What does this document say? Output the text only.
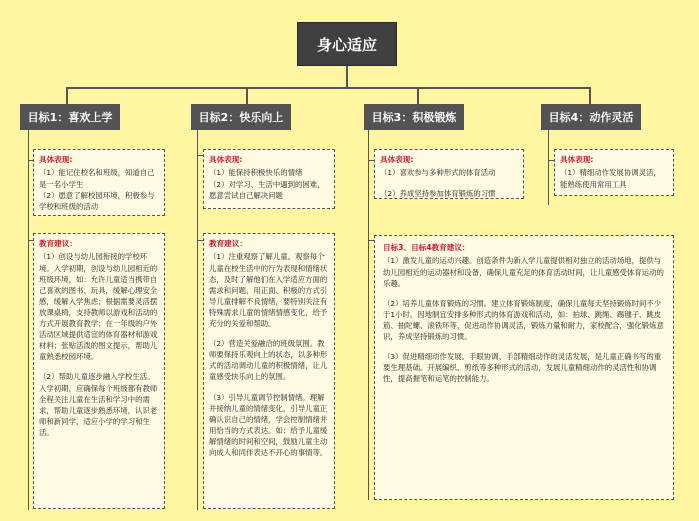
身心适应
目标1：喜欢上学	目标2：快乐向上	目标3：积极锻炼	目标4：动作灵活
具体表现:

（1）能记住校名和班级，知道自己是一名小学生

（2）愿意了解校园环境，积极参与学校和班级的活动

教育建议：

（1）创设与幼儿园衔接的学校环境。入学初期，创设与幼儿园相近的班级环境，如：允许儿童适当携带自己喜欢的图书、玩具，缓解心理安全感，缓解入学焦虑；根据需要灵活摆放课桌椅，支持教师以游戏和活动的方式开展教育教学；在一年级的户外活动区域提供适宜的体育器材和游戏材料；张贴活泼的图文提示，帮助儿童熟悉校园环境。

（2）帮助儿童逐步融入学校生活。入学初期，应确保每个班级都有教师全程关注儿童在生活和学习中的需求，帮助儿童逐步熟悉环境，认识老师和新同学，适应小学的学习和生活。

具体表现:

（1）能保持积极快乐的情绪

（2）对学习、生活中遇到的困难，愿意尝试自己解决问题

教育建议：

（1）注重观察了解儿童。观察每个儿童在校生活中的行为表现和情绪状态，及时了解他们在入学适应方面的需求和问题，用正面、积极的方式引导儿童排解不良情绪，要特别关注有特殊需求儿童的情绪情感变化，给予充分的关爱和帮助。

（2）营造关爱融洽的班级氛围。教师要保持乐观向上的状态，以多种形式的活动调动儿童的积极情绪，让儿童感受快乐向上的氛围。

（3）引导儿童调节控制情绪。理解并接纳儿童的情绪变化，引导儿童正确认识自己的情绪，学会控制情绪并用恰当的方式表达。如：给予儿童缓解情绪的时间和空间，鼓励儿童主动向成人和同伴表达不开心的事情等。

具体表现:

（1）喜欢参与多种形式的体育活动

（2）养成坚持参加体育锻炼的习惯

具体表现:

（1）精细动作发展协调灵活，能熟练使用常用工具

目标3、目标4教育建议：

（1）激发儿童的运动兴趣。创造条件为新入学儿童提供相对独立的活动场地，提供与幼儿园相近的运动器材和设备，确保儿童充足的体育活动时间，让儿童感受体育运动的乐趣。

（2）培养儿童体育锻炼的习惯。建立体育锻炼制度，确保儿童每天坚持锻炼时间不少于1小时，因地制宜安排多种形式的体育游戏和活动，如：拍球、跳绳、踢毽子、跳皮筋、抽陀螺、滚铁环等，促进动作协调灵活，锻炼力量和耐力，家校配合，强化锻炼意识，养成坚持锻炼的习惯。

（3）促进精细动作发展。手眼协调、手部精细动作的灵活发展，是儿童正确书写的重要生理基础。开展编织、剪纸等多种形式的活动，发展儿童精细动作的灵活性和协调性，提高握笔和运笔的控制能力。
